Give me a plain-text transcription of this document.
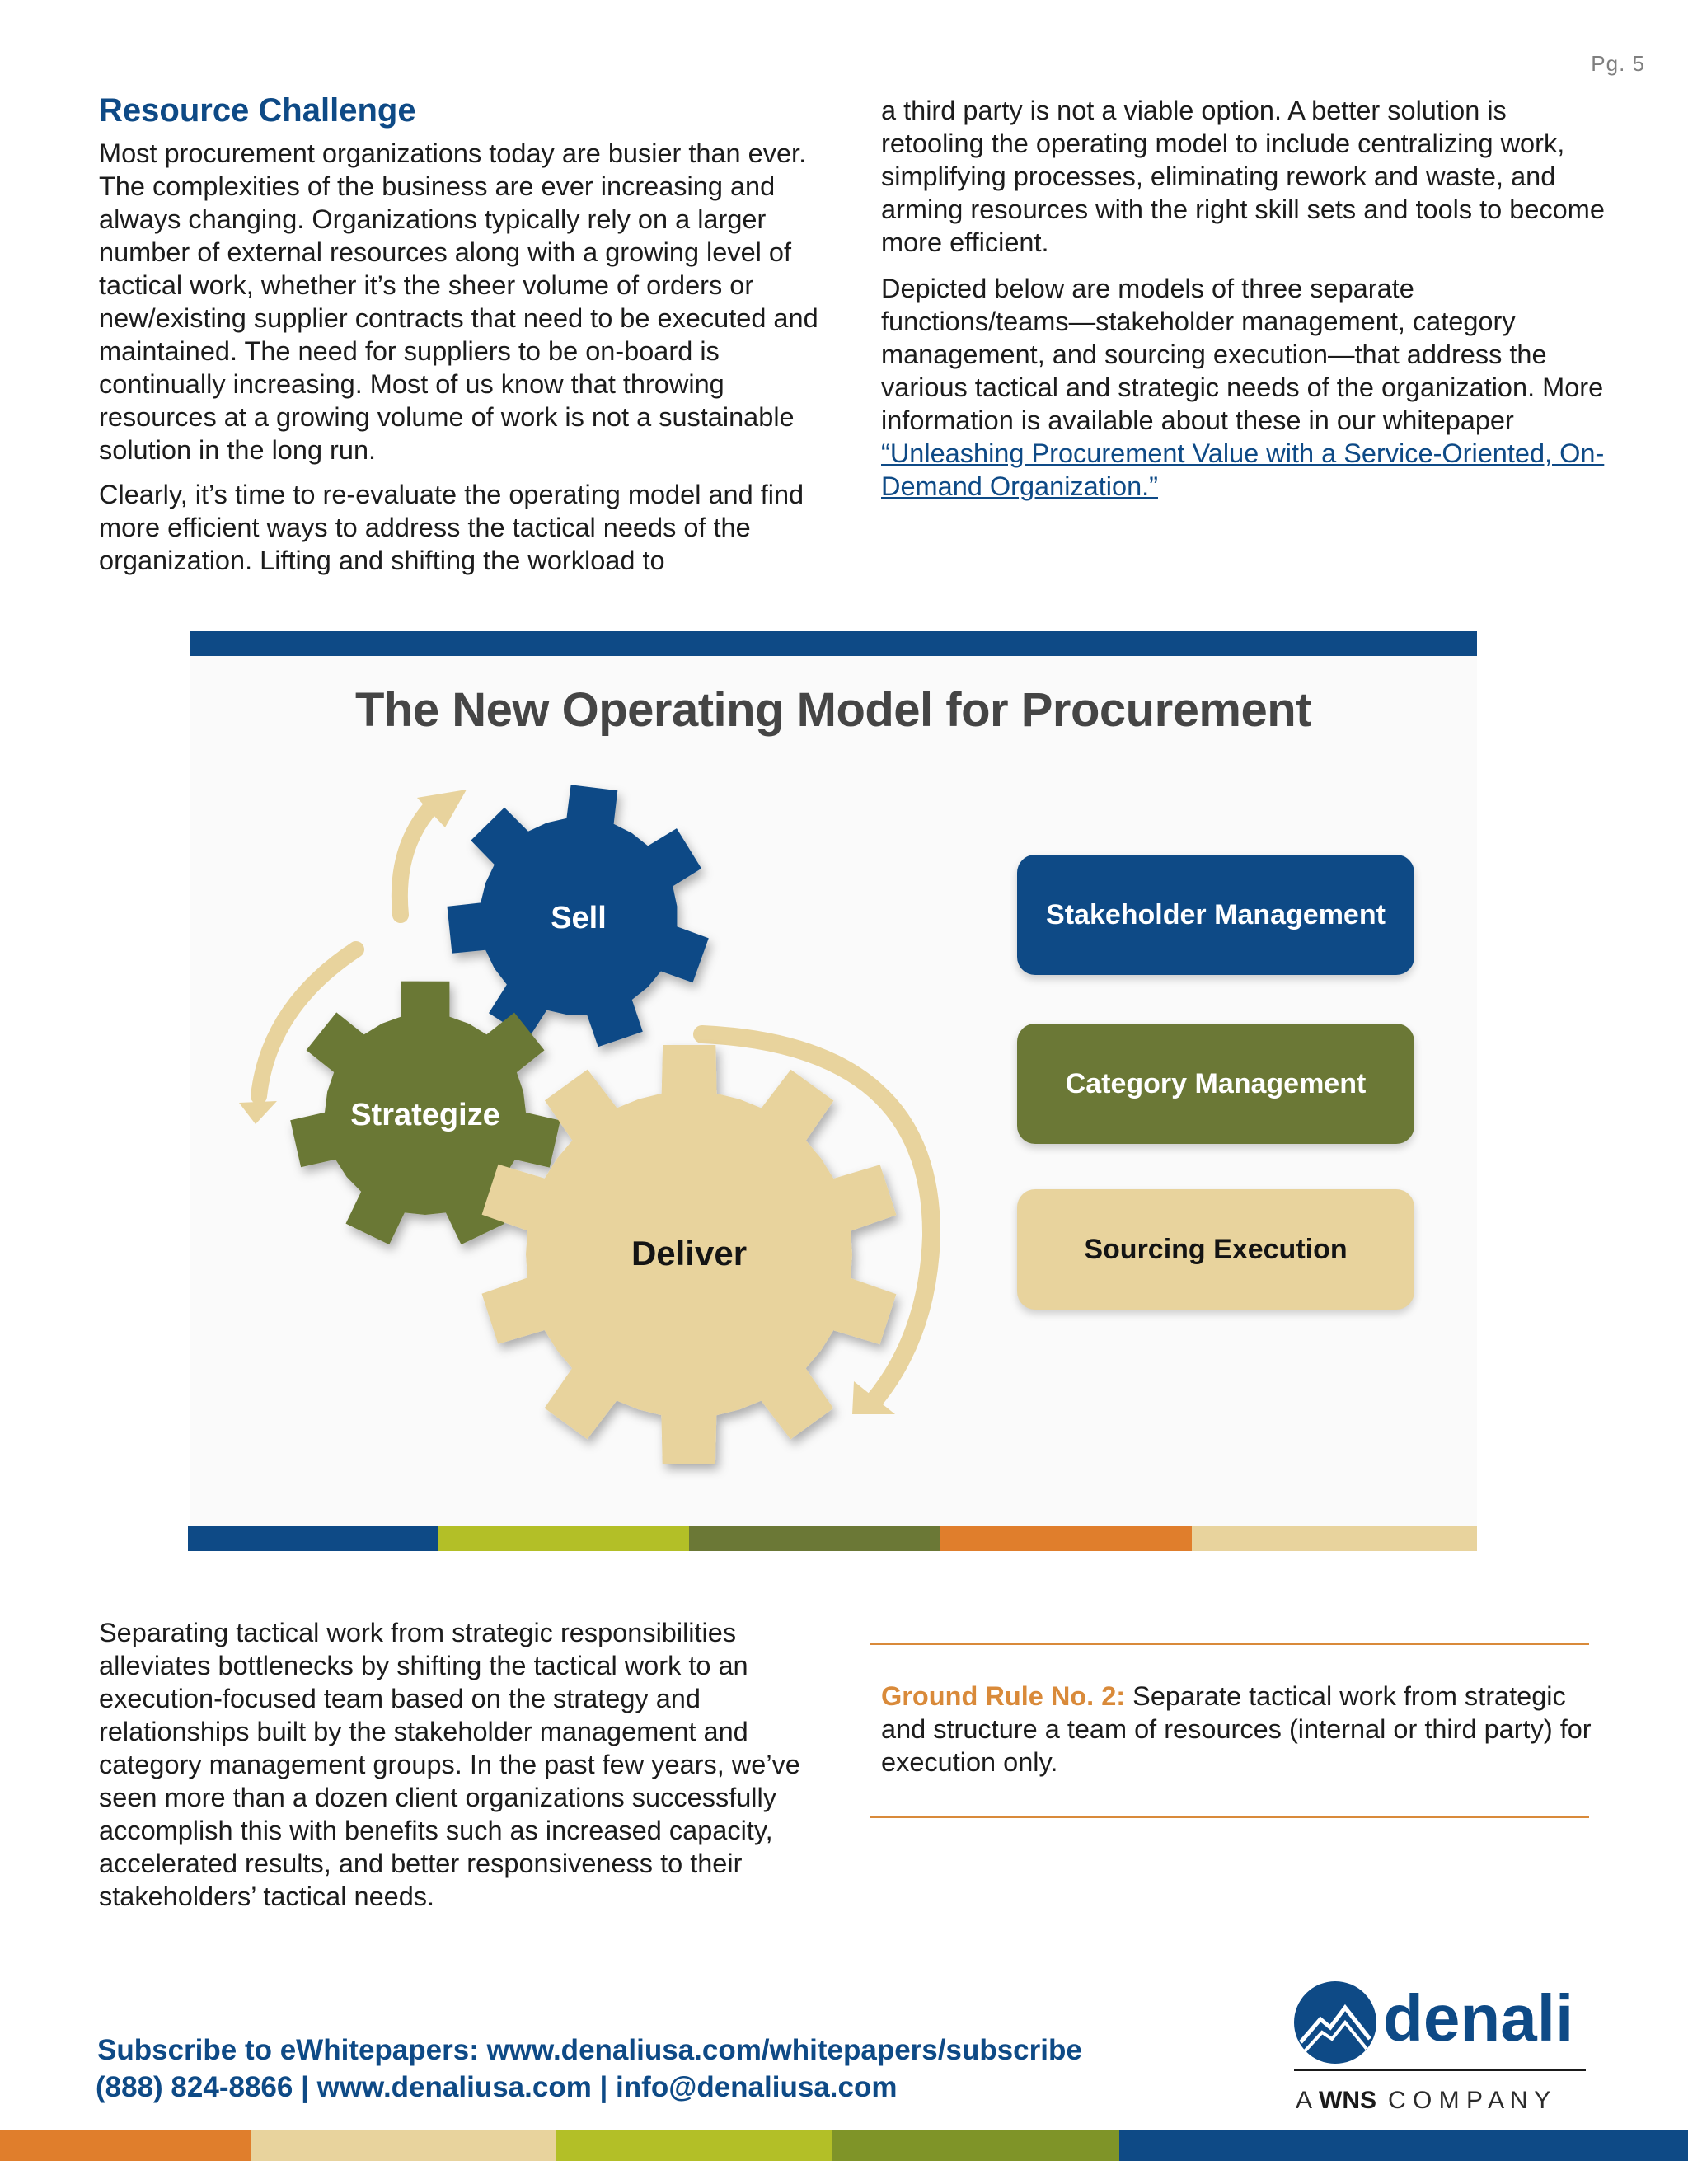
Pg. 5
Resource Challenge

Most procurement organizations today are busier than ever. The complexities of the business are ever increasing and always changing. Organizations typically rely on a larger number of external resources along with a growing level of tactical work, whether it’s the sheer volume of orders or new/existing supplier contracts that need to be executed and maintained. The need for suppliers to be on-board is continually increasing. Most of us know that throwing resources at a growing volume of work is not a sustainable solution in the long run.

Clearly, it’s time to re-evaluate the operating model and find more efficient ways to address the tactical needs of the organization. Lifting and shifting the workload to

a third party is not a viable option. A better solution is retooling the operating model to include centralizing work, simplifying processes, eliminating rework and waste, and arming resources with the right skill sets and tools to become more efficient.

Depicted below are models of three separate functions/teams—stakeholder management, category management, and sourcing execution—that address the various tactical and strategic needs of the organization. More information is available about these in our whitepaper “Unleashing Procurement Value with a Service-Oriented, On-Demand Organization.”

The New Operating Model for Procurement
Sell
Strategize
Deliver
Stakeholder Management
Category Management
Sourcing Execution
Separating tactical work from strategic responsibilities alleviates bottlenecks by shifting the tactical work to an execution-focused team based on the strategy and relationships built by the stakeholder management and category management groups. In the past few years, we’ve seen more than a dozen client organizations successfully accomplish this with benefits such as increased capacity, accelerated results, and better responsiveness to their stakeholders’ tactical needs.
Ground Rule No. 2: Separate tactical work from strategic and structure a team of resources (internal or third party) for execution only.
Subscribe to eWhitepapers: www.denaliusa.com/whitepapers/subscribe
(888) 824-8866 | www.denaliusa.com | info@denaliusa.com
denali
A WNS C O M P A N Y
